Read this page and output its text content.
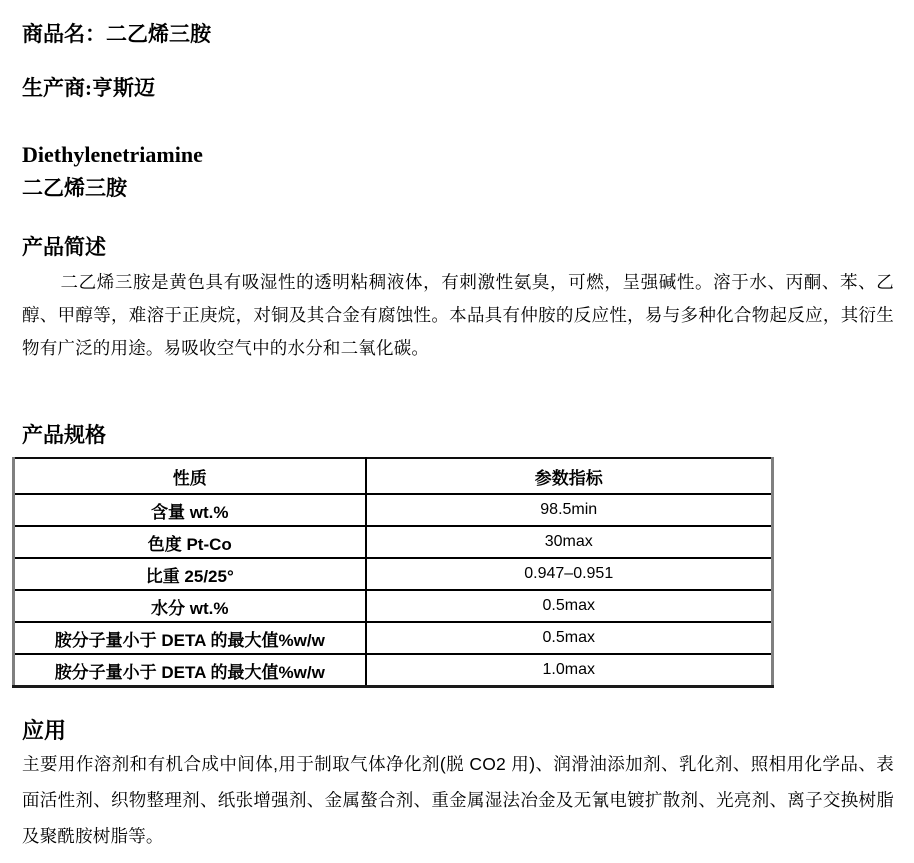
商品名：二乙烯三胺
生产商:亨斯迈
Diethylenetriamine
二乙烯三胺
产品简述
二乙烯三胺是黄色具有吸湿性的透明粘稠液体，有刺激性氨臭，可燃，呈强碱性。溶于水、丙酮、苯、乙醇、甲醇等，难溶于正庚烷，对铜及其合金有腐蚀性。本品具有仲胺的反应性，易与多种化合物起反应，其衍生物有广泛的用途。易吸收空气中的水分和二氧化碳。
产品规格
性质	参数指标
含量 wt.%	98.5min
色度 Pt-Co	30max
比重 25/25°	0.947–0.951
水分 wt.%	0.5max
胺分子量小于 DETA 的最大值%w/w	0.5max
胺分子量小于 DETA 的最大值%w/w	1.0max
应用
主要用作溶剂和有机合成中间体,用于制取气体净化剂(脱 CO2 用)、润滑油添加剂、乳化剂、照相用化学品、表面活性剂、织物整理剂、纸张增强剂、金属螯合剂、重金属湿法冶金及无氰电镀扩散剂、光亮剂、离子交换树脂及聚酰胺树脂等。
